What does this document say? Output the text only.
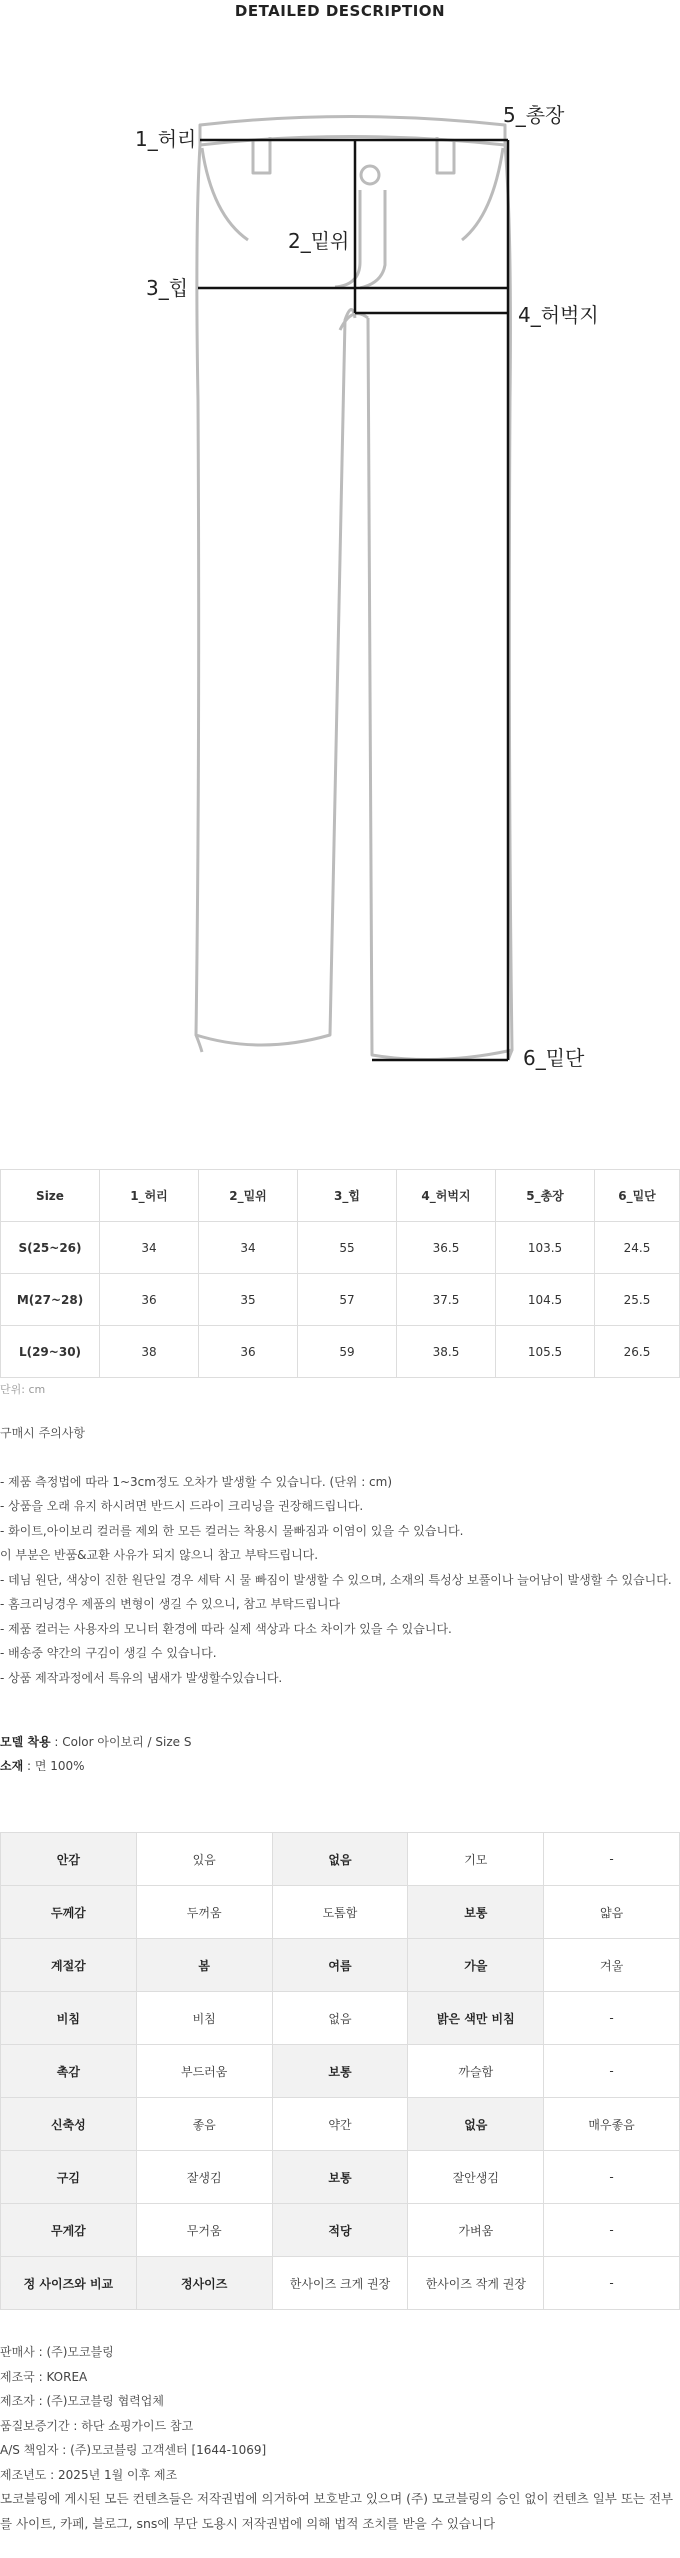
DETAILED DESCRIPTION
1_허리
2_밑위
3_힙
4_허벅지
5_총장
6_밑단
Size	1_허리	2_밑위	3_힙	4_허벅지	5_총장	6_밑단
S(25~26)	34	34	55	36.5	103.5	24.5
M(27~28)	36	35	57	37.5	104.5	25.5
L(29~30)	38	36	59	38.5	105.5	26.5
단위: cm
구매시 주의사항
- 제품 측정법에 따라 1~3cm정도 오차가 발생할 수 있습니다. (단위 : cm)
- 상품을 오래 유지 하시려면 반드시 드라이 크리닝을 권장해드립니다.
- 화이트,아이보리 컬러를 제외 한 모든 컬러는 착용시 물빠짐과 이염이 있을 수 있습니다.
이 부분은 반품&교환 사유가 되지 않으니 참고 부탁드립니다.
- 데님 원단, 색상이 진한 원단일 경우 세탁 시 물 빠짐이 발생할 수 있으며, 소재의 특성상 보풀이나 늘어남이 발생할 수 있습니다.
- 홈크리닝경우 제품의 변형이 생길 수 있으니, 참고 부탁드립니다
- 제품 컬러는 사용자의 모니터 환경에 따라 실제 색상과 다소 차이가 있을 수 있습니다.
- 배송중 약간의 구김이 생길 수 있습니다.
- 상품 제작과정에서 특유의 냄새가 발생할수있습니다.
모델 착용 : Color 아이보리 / Size S
소재 : 면 100%
안감	있음	없음	기모	-
두께감	두꺼움	도톰함	보통	얇음
계절감	봄	여름	가을	겨울
비침	비침	없음	밝은 색만 비침	-
촉감	부드러움	보통	까슬함	-
신축성	좋음	약간	없음	매우좋음
구김	잘생김	보통	잘안생김	-
무게감	무거움	적당	가벼움	-
정 사이즈와 비교	정사이즈	한사이즈 크게 권장	한사이즈 작게 권장	-
판매사 : (주)모코블링
제조국 : KOREA
제조자 : (주)모코블링 협력업체
품질보증기간 : 하단 쇼핑가이드 참고
A/S 책임자 : (주)모코블링 고객센터 [1644-1069]
제조년도 : 2025년 1월 이후 제조
모코블링에 게시된 모든 컨텐츠들은 저작권법에 의거하여 보호받고 있으며 (주) 모코블링의 승인 없이 컨텐츠 일부 또는 전부를 사이트, 카페, 블로그, sns에 무단 도용시 저작권법에 의해 법적 조치를 받을 수 있습니다
